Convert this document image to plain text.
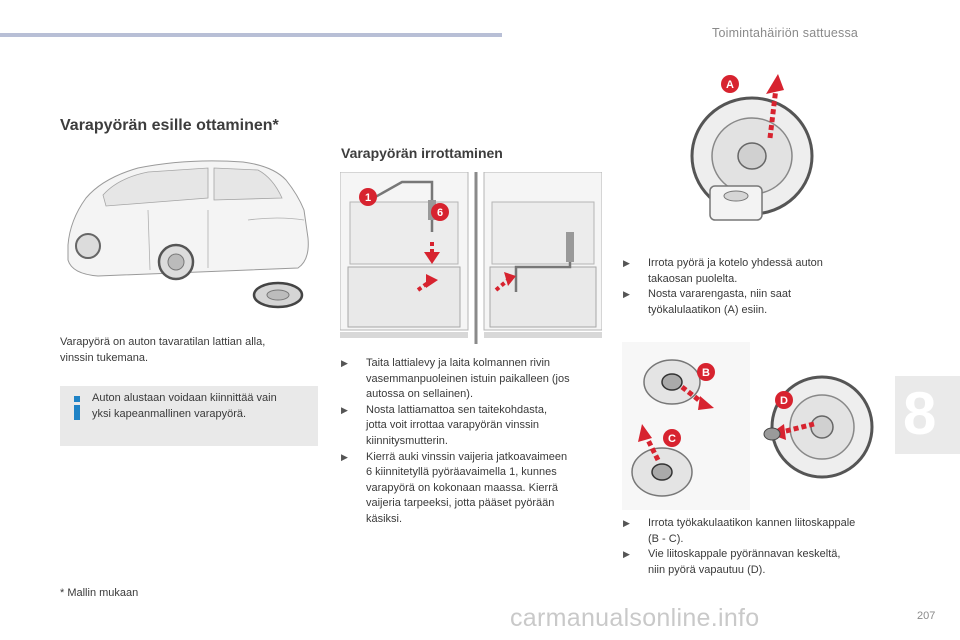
Toimintahäiriön sattuessa
Varapyörän esille ottaminen*
Varapyörä on auton tavaratilan lattian alla,
vinssin tukemana.
Auton alustaan voidaan kiinnittää vain
yksi kapeanmallinen varapyörä.
* Mallin mukaan
Varapyörän irrottaminen
1
6
▶ Taita lattialevy ja laita kolmannen rivin
vasemmanpuoleinen istuin paikalleen (jos
autossa on sellainen).
▶ Nosta lattiamattoa sen taitekohdasta,
jotta voit irrottaa varapyörän vinssin
kiinnitysmutterin.
▶ Kierrä auki vinssin vaijeria jatkoavaimeen
6 kiinnitetyllä pyöräavaimella 1, kunnes
varapyörä on kokonaan maassa. Kierrä
vaijeria tarpeeksi, jotta pääset pyörään
käsiksi.
A
▶ Irrota pyörä ja kotelo yhdessä auton
takaosan puolelta.
▶ Nosta vararengasta, niin saat
työkalulaatikon (A) esiin.
B
C
D
▶ Irrota työkakulaatikon kannen liitoskappale
(B - C).
▶ Vie liitoskappale pyörännavan keskeltä,
niin pyörä vapautuu (D).
8
carmanualsonline.info	207
